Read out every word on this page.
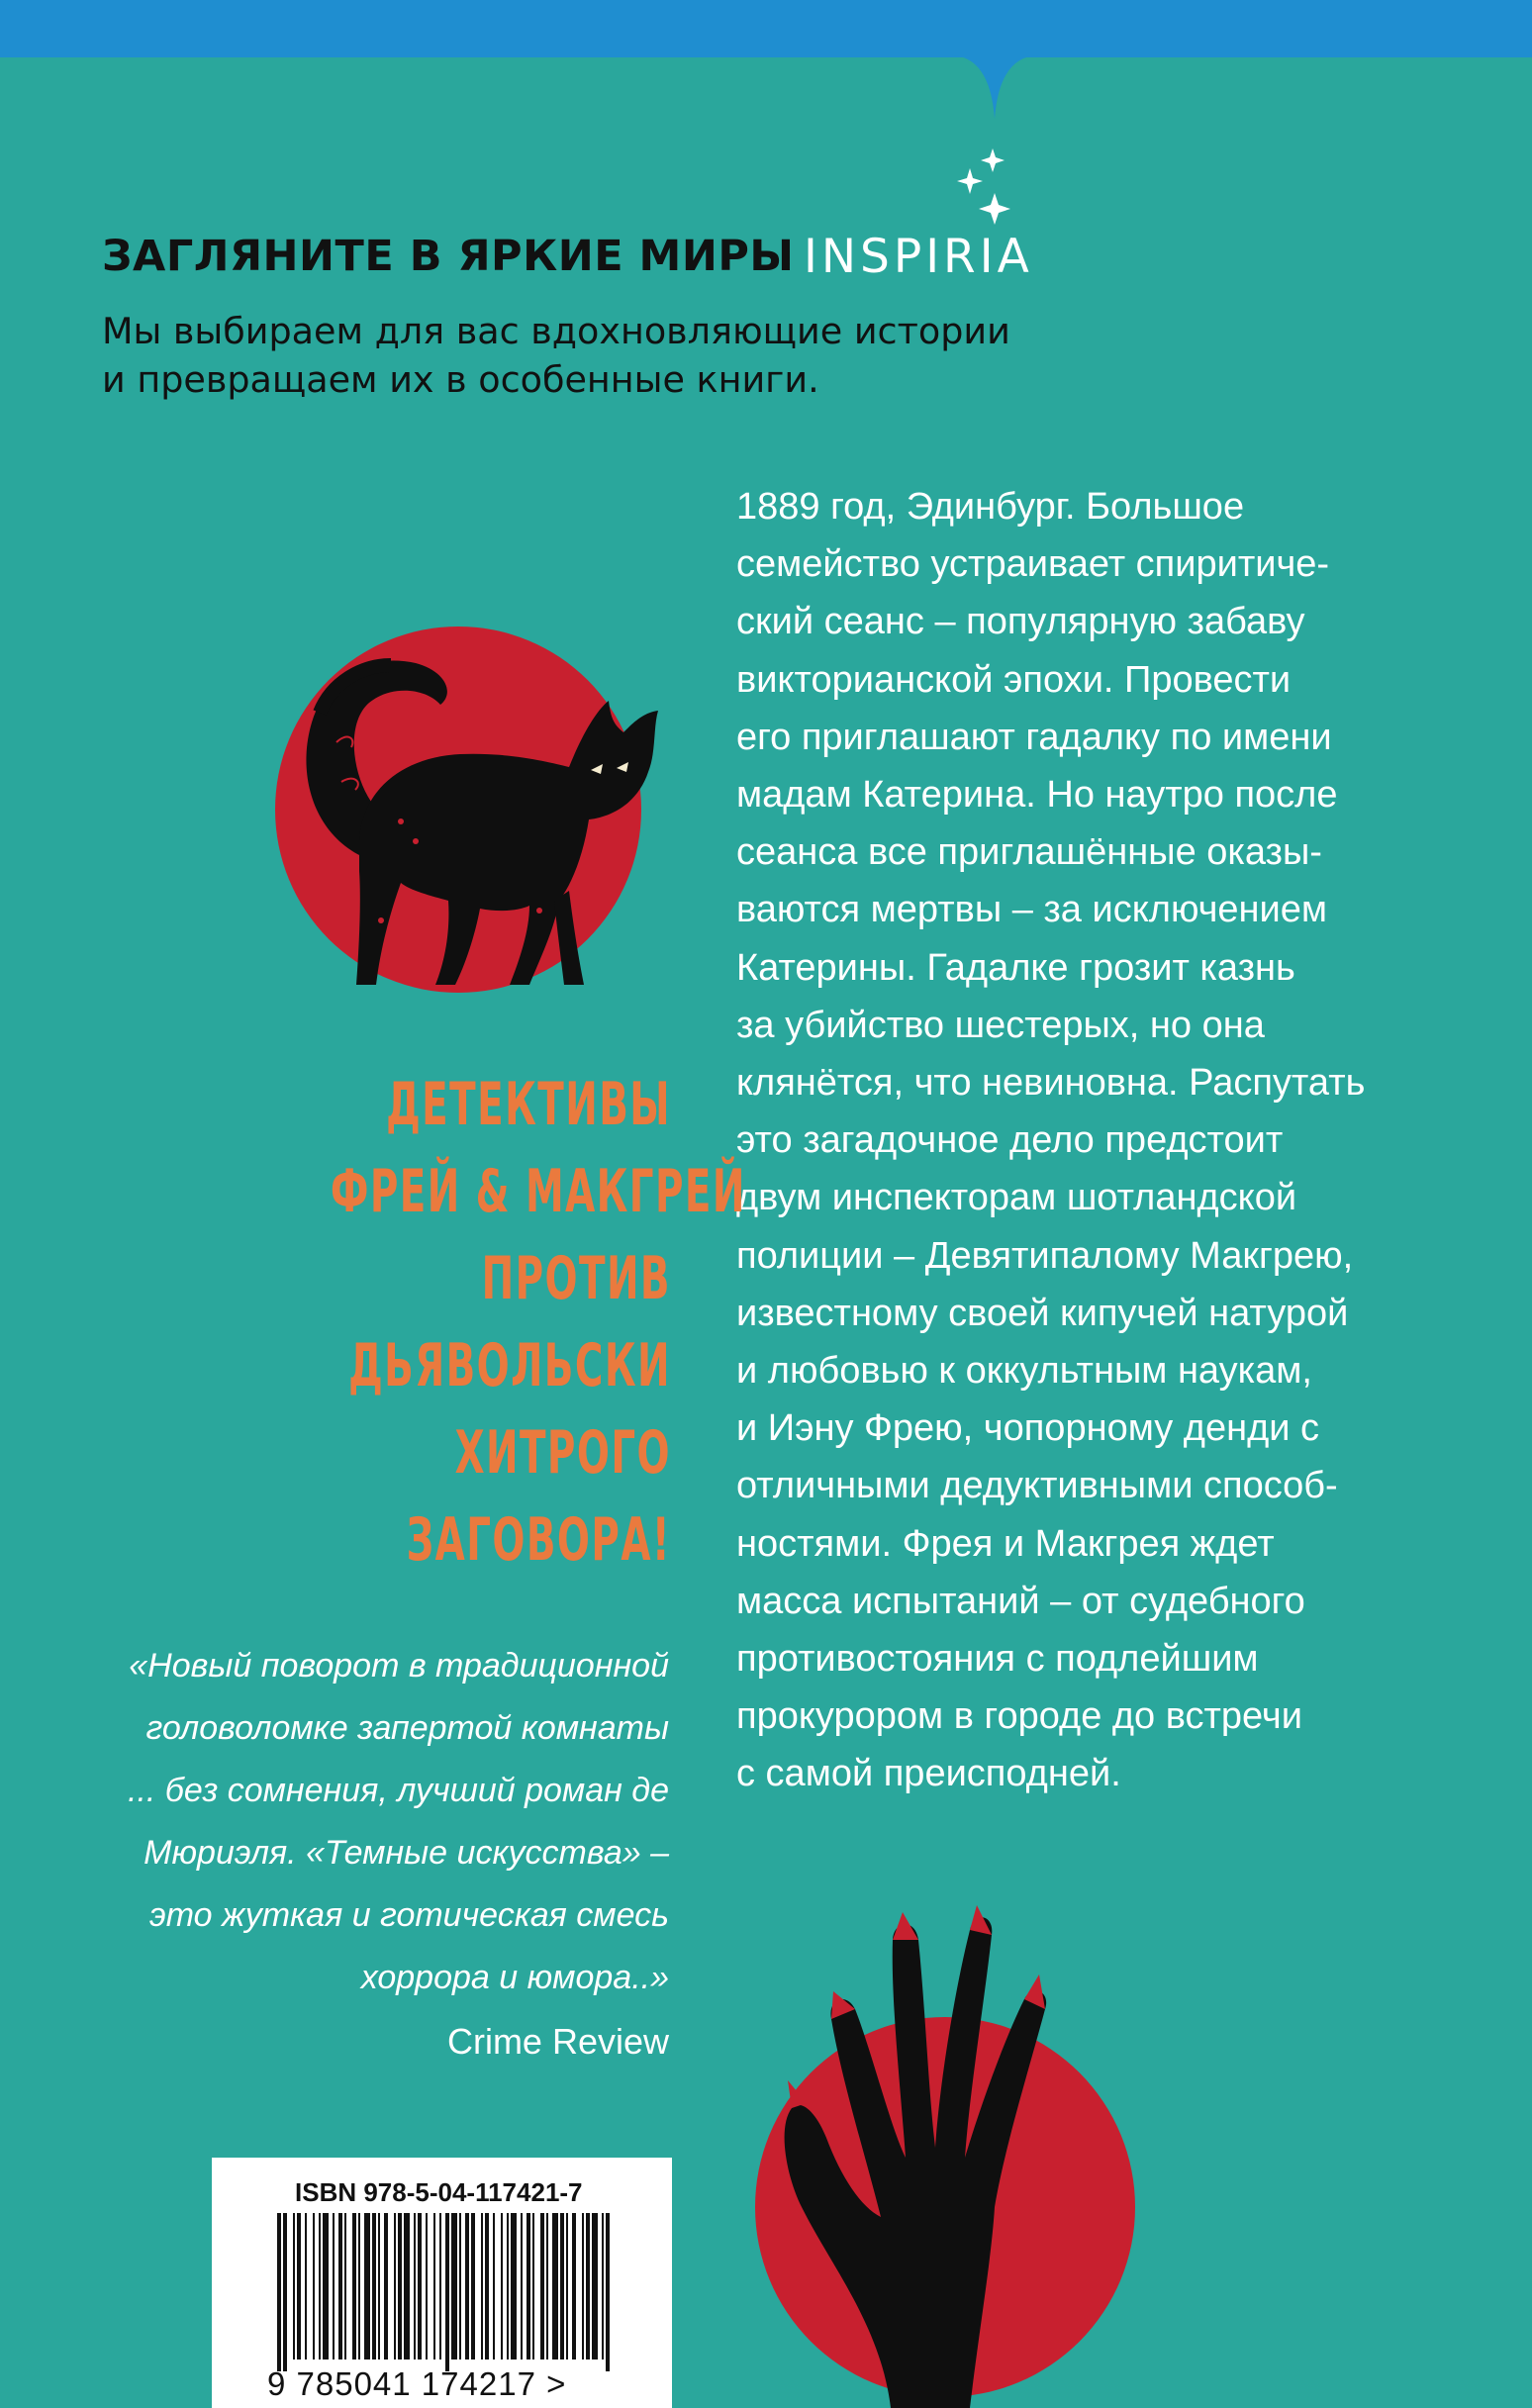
ЗАГЛЯНИТЕ В ЯРКИЕ МИРЫ INSPIRIA
Мы выбираем для вас вдохновляющие истории
и превращаем их в особенные книги.
1889 год, Эдинбург. Большое
семейство устраивает спиритиче-
ский сеанс – популярную забаву
викторианской эпохи. Провести
его приглашают гадалку по имени
мадам Катерина. Но наутро после
сеанса все приглашённые оказы-
ваются мертвы – за исключением
Катерины. Гадалке грозит казнь
за убийство шестерых, но она
клянётся, что невиновна. Распутать
это загадочное дело предстоит
двум инспекторам шотландской
полиции – Девятипалому Макгрею,
известному своей кипучей натурой
и любовью к оккультным наукам,
и Иэну Фрею, чопорному денди с
отличными дедуктивными способ-
ностями. Фрея и Макгрея ждет
масса испытаний – от судебного
противостояния с подлейшим
прокурором в городе до встречи
с самой преисподней.
ДЕТЕКТИВЫ
ФРЕЙ & МАКГРЕЙ
ПРОТИВ
ДЬЯВОЛЬСКИ
ХИТРОГО
ЗАГОВОРА!
«Новый поворот в традиционной
головоломке запертой комнаты
... без сомнения, лучший роман де
Мюриэля. «Темные искусства» –
это жуткая и готическая смесь
хоррора и юмора..»
Crime Review
ISBN 978-5-04-117421-7
9 785041 174217 >
